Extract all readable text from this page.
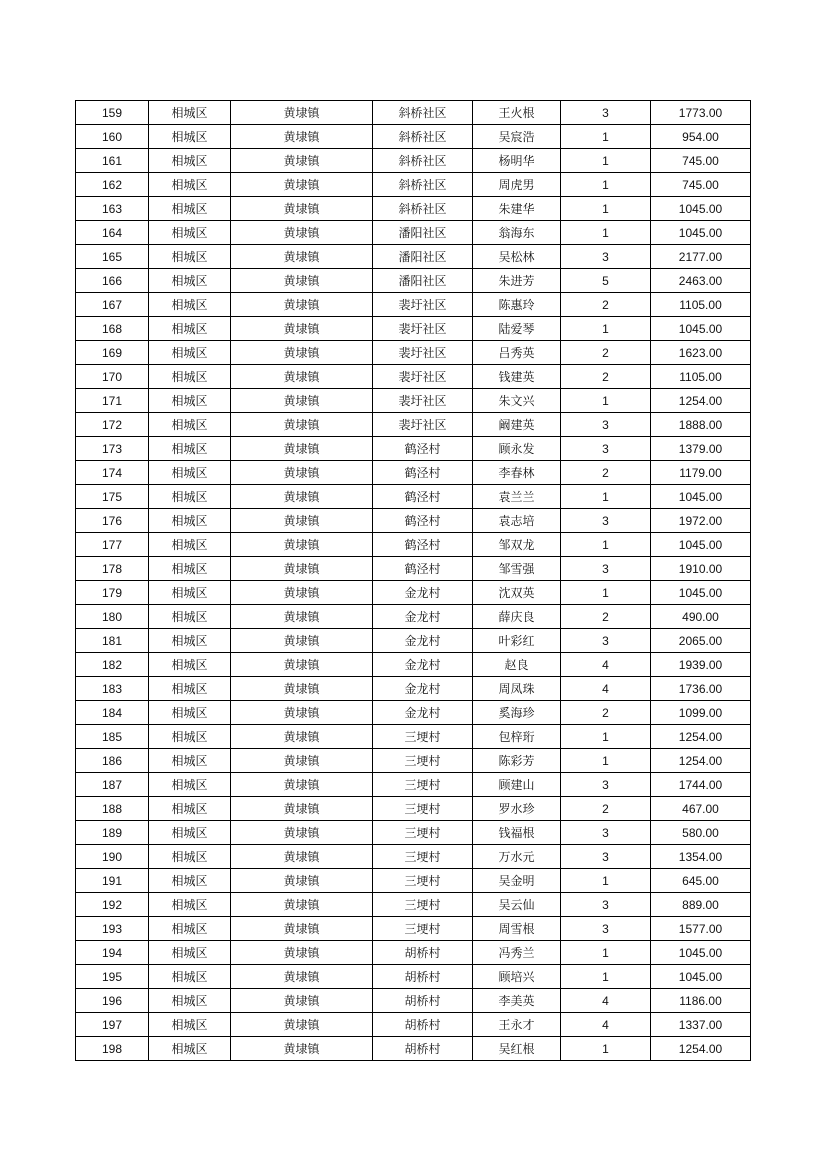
159	相城区	黄埭镇	斜桥社区	王火根	3	1773.00
160	相城区	黄埭镇	斜桥社区	吴宸浩	1	954.00
161	相城区	黄埭镇	斜桥社区	杨明华	1	745.00
162	相城区	黄埭镇	斜桥社区	周虎男	1	745.00
163	相城区	黄埭镇	斜桥社区	朱建华	1	1045.00
164	相城区	黄埭镇	潘阳社区	翁海东	1	1045.00
165	相城区	黄埭镇	潘阳社区	吴松林	3	2177.00
166	相城区	黄埭镇	潘阳社区	朱进芳	5	2463.00
167	相城区	黄埭镇	裴圩社区	陈惠玲	2	1105.00
168	相城区	黄埭镇	裴圩社区	陆爱琴	1	1045.00
169	相城区	黄埭镇	裴圩社区	吕秀英	2	1623.00
170	相城区	黄埭镇	裴圩社区	钱建英	2	1105.00
171	相城区	黄埭镇	裴圩社区	朱文兴	1	1254.00
172	相城区	黄埭镇	裴圩社区	阚建英	3	1888.00
173	相城区	黄埭镇	鹤泾村	顾永发	3	1379.00
174	相城区	黄埭镇	鹤泾村	李春林	2	1179.00
175	相城区	黄埭镇	鹤泾村	袁兰兰	1	1045.00
176	相城区	黄埭镇	鹤泾村	袁志培	3	1972.00
177	相城区	黄埭镇	鹤泾村	邹双龙	1	1045.00
178	相城区	黄埭镇	鹤泾村	邹雪强	3	1910.00
179	相城区	黄埭镇	金龙村	沈双英	1	1045.00
180	相城区	黄埭镇	金龙村	薛庆良	2	490.00
181	相城区	黄埭镇	金龙村	叶彩红	3	2065.00
182	相城区	黄埭镇	金龙村	赵良	4	1939.00
183	相城区	黄埭镇	金龙村	周凤珠	4	1736.00
184	相城区	黄埭镇	金龙村	奚海珍	2	1099.00
185	相城区	黄埭镇	三埂村	包梓珩	1	1254.00
186	相城区	黄埭镇	三埂村	陈彩芳	1	1254.00
187	相城区	黄埭镇	三埂村	顾建山	3	1744.00
188	相城区	黄埭镇	三埂村	罗水珍	2	467.00
189	相城区	黄埭镇	三埂村	钱福根	3	580.00
190	相城区	黄埭镇	三埂村	万水元	3	1354.00
191	相城区	黄埭镇	三埂村	吴金明	1	645.00
192	相城区	黄埭镇	三埂村	吴云仙	3	889.00
193	相城区	黄埭镇	三埂村	周雪根	3	1577.00
194	相城区	黄埭镇	胡桥村	冯秀兰	1	1045.00
195	相城区	黄埭镇	胡桥村	顾培兴	1	1045.00
196	相城区	黄埭镇	胡桥村	李美英	4	1186.00
197	相城区	黄埭镇	胡桥村	王永才	4	1337.00
198	相城区	黄埭镇	胡桥村	吴红根	1	1254.00
